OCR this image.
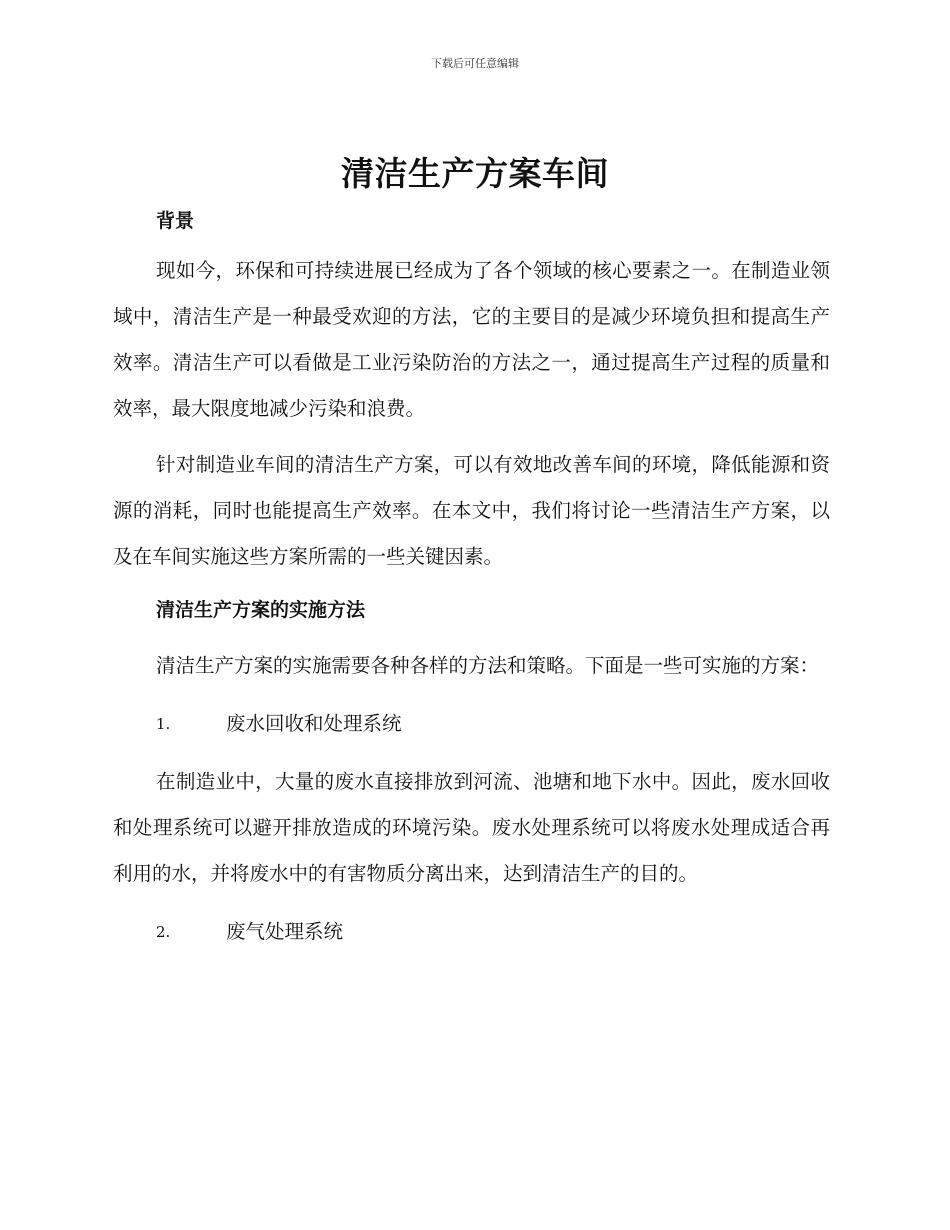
下载后可任意编辑
清洁生产方案车间

背景

现如今，环保和可持续进展已经成为了各个领域的核心要素之一。在制造业领域中，清洁生产是一种最受欢迎的方法，它的主要目的是减少环境负担和提高生产效率。清洁生产可以看做是工业污染防治的方法之一，通过提高生产过程的质量和效率，最大限度地减少污染和浪费。

针对制造业车间的清洁生产方案，可以有效地改善车间的环境，降低能源和资源的消耗，同时也能提高生产效率。在本文中，我们将讨论一些清洁生产方案，以及在车间实施这些方案所需的一些关键因素。

清洁生产方案的实施方法

清洁生产方案的实施需要各种各样的方法和策略。下面是一些可实施的方案：

1.	废水回收和处理系统

在制造业中，大量的废水直接排放到河流、池塘和地下水中。因此，废水回收和处理系统可以避开排放造成的环境污染。废水处理系统可以将废水处理成适合再利用的水，并将废水中的有害物质分离出来，达到清洁生产的目的。

2.	废气处理系统
